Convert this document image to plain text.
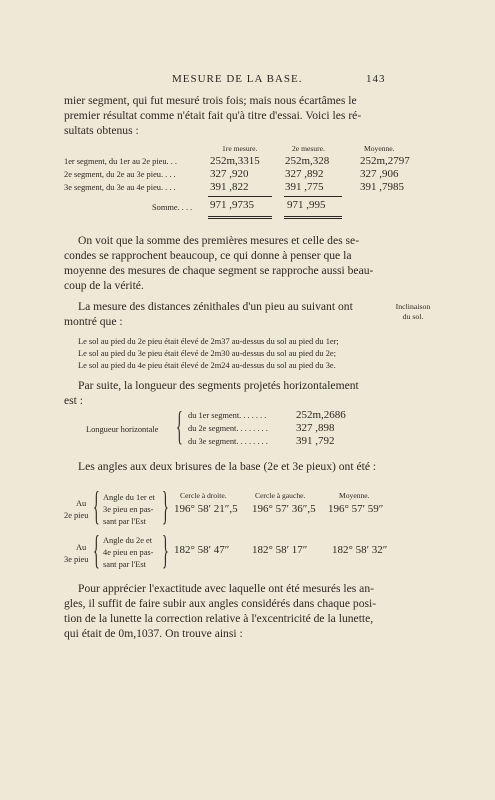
MESURE DE LA BASE.	143
mier segment, qui fut mesuré trois fois; mais nous écartâmes le
premier résultat comme n'était fait qu'à titre d'essai. Voici les ré-
sultats obtenus :
1re mesure.	2e mesure.	Moyenne.
1er segment, du 1er au 2e pieu. . .	252m,3315 252m,328	252m,2797
2e segment, du 2e au 3e pieu. . . .	327 ,920	327 ,892	327 ,906
3e segment, du 3e au 4e pieu. . . .	391 ,822	391 ,775	391 ,7985
Somme. . . . 971 ,9735	971 ,995
On voit que la somme des premières mesures et celle des se-
condes se rapprochent beaucoup, ce qui donne à penser que la
moyenne des mesures de chaque segment se rapproche aussi beau-
coup de la vérité.
La mesure des distances zénithales d'un pieu au suivant ont
montré que :
Inclinaison
du sol.
Le sol au pied du 2e pieu était élevé de 2m37 au-dessus du sol au pied du 1er;
Le sol au pied du 3e pieu était élevé de 2m30 au-dessus du sol au pied du 2e;
Le sol au pied du 4e pieu était élevé de 2m24 au-dessus du sol au pied du 3e.
Par suite, la longueur des segments projetés horizontalement
est :
Longueur horizontale { du 1er segment. . . . . . .	252m,2686
du 2e segment. . . . . . . .	327 ,898
du 3e segment. . . . . . . .	391 ,792
Les angles aux deux brisures de la base (2e et 3e pieux) ont été :
Cercle à droite.	Cercle à gauche.	Moyenne.
Au
2e pieu { Angle du 1er et
3e pieu en pas-
sant par l'Est } 196° 58′ 21″,5 196° 57′ 36″,5 196° 57′ 59″
Au
3e pieu { Angle du 2e et
4e pieu en pas-
sant par l'Est } 182° 58′ 47″ 182° 58′ 17″ 182° 58′ 32″
Pour apprécier l'exactitude avec laquelle ont été mesurés les an-
gles, il suffit de faire subir aux angles considérés dans chaque posi-
tion de la lunette la correction relative à l'excentricité de la lunette,
qui était de 0m,1037. On trouve ainsi :
